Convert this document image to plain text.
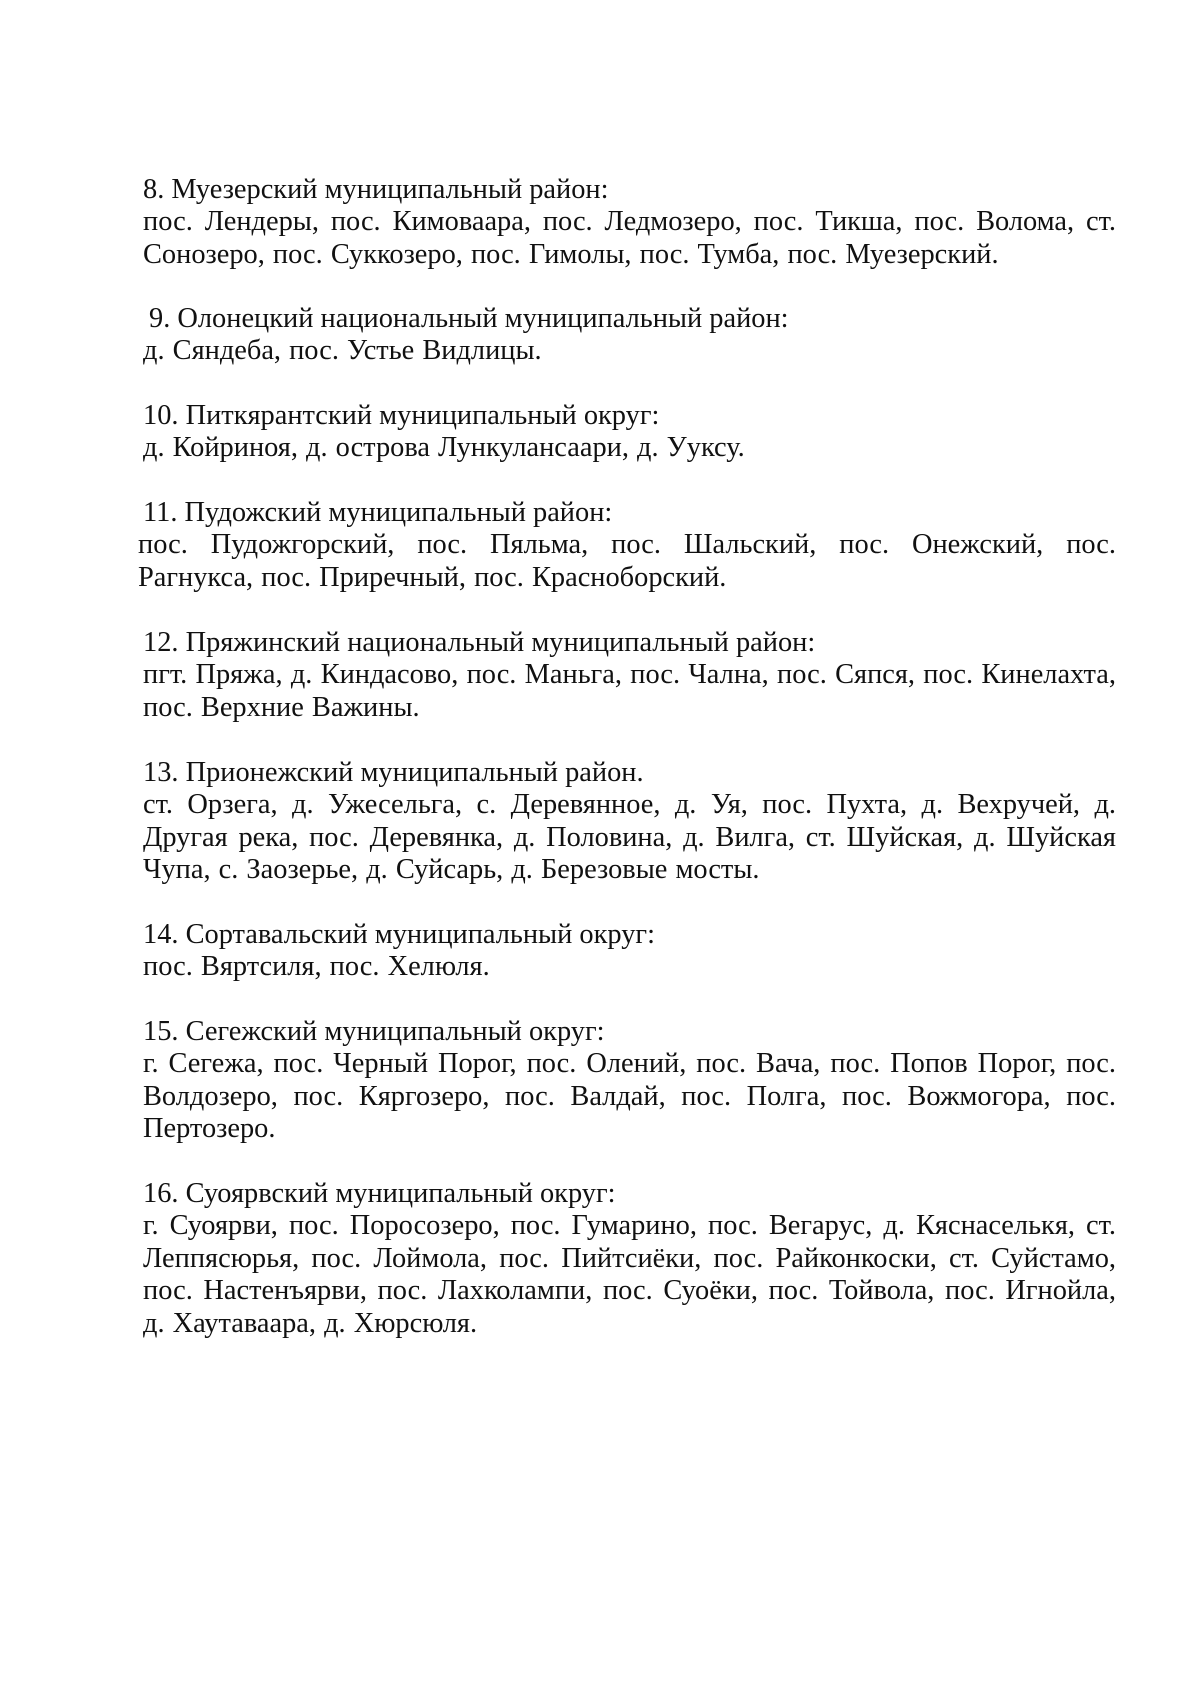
8. Муезерский муниципальный район:
пос. Лендеры, пос. Кимоваара, пос. Ледмозеро, пос. Тикша, пос. Волома, ст. Сонозеро, пос. Суккозеро, пос. Гимолы, пос. Тумба, пос. Муезерский.
9. Олонецкий национальный муниципальный район:
д. Сяндеба, пос. Устье Видлицы.
10. Питкярантский муниципальный округ:
д. Койриноя, д. острова Лункулансаари, д. Ууксу.
11. Пудожский муниципальный район:
пос. Пудожгорский, пос. Пяльма, пос. Шальский, пос. Онежский, пос. Рагнукса, пос. Приречный, пос. Красноборский.
12. Пряжинский национальный муниципальный район:
пгт. Пряжа, д. Киндасово, пос. Маньга, пос. Чална, пос. Сяпся, пос. Кинелахта, пос. Верхние Важины.
13. Прионежский муниципальный район.
ст. Орзега, д. Ужесельга, с. Деревянное, д. Уя, пос. Пухта, д. Вехручей, д. Другая река, пос. Деревянка, д. Половина, д. Вилга, ст. Шуйская, д. Шуйская Чупа, с. Заозерье, д. Суйсарь, д. Березовые мосты.
14. Сортавальский муниципальный округ:
пос. Вяртсиля, пос. Хелюля.
15. Сегежский муниципальный округ:
г. Сегежа, пос. Черный Порог, пос. Олений, пос. Вача, пос. Попов Порог, пос. Волдозеро, пос. Кяргозеро, пос. Валдай, пос. Полга, пос. Вожмогора, пос. Пертозеро.
16. Суоярвский муниципальный округ:
г. Суоярви, пос. Поросозеро, пос. Гумарино, пос. Вегарус, д. Кяснаселькя, ст. Леппясюрья, пос. Лоймола, пос. Пийтсиёки, пос. Райконкоски, ст. Суйстамо, пос. Настенъярви, пос. Лахколампи, пос. Суоёки, пос. Тойвола, пос. Игнойла, д. Хаутаваара, д. Хюрсюля.
